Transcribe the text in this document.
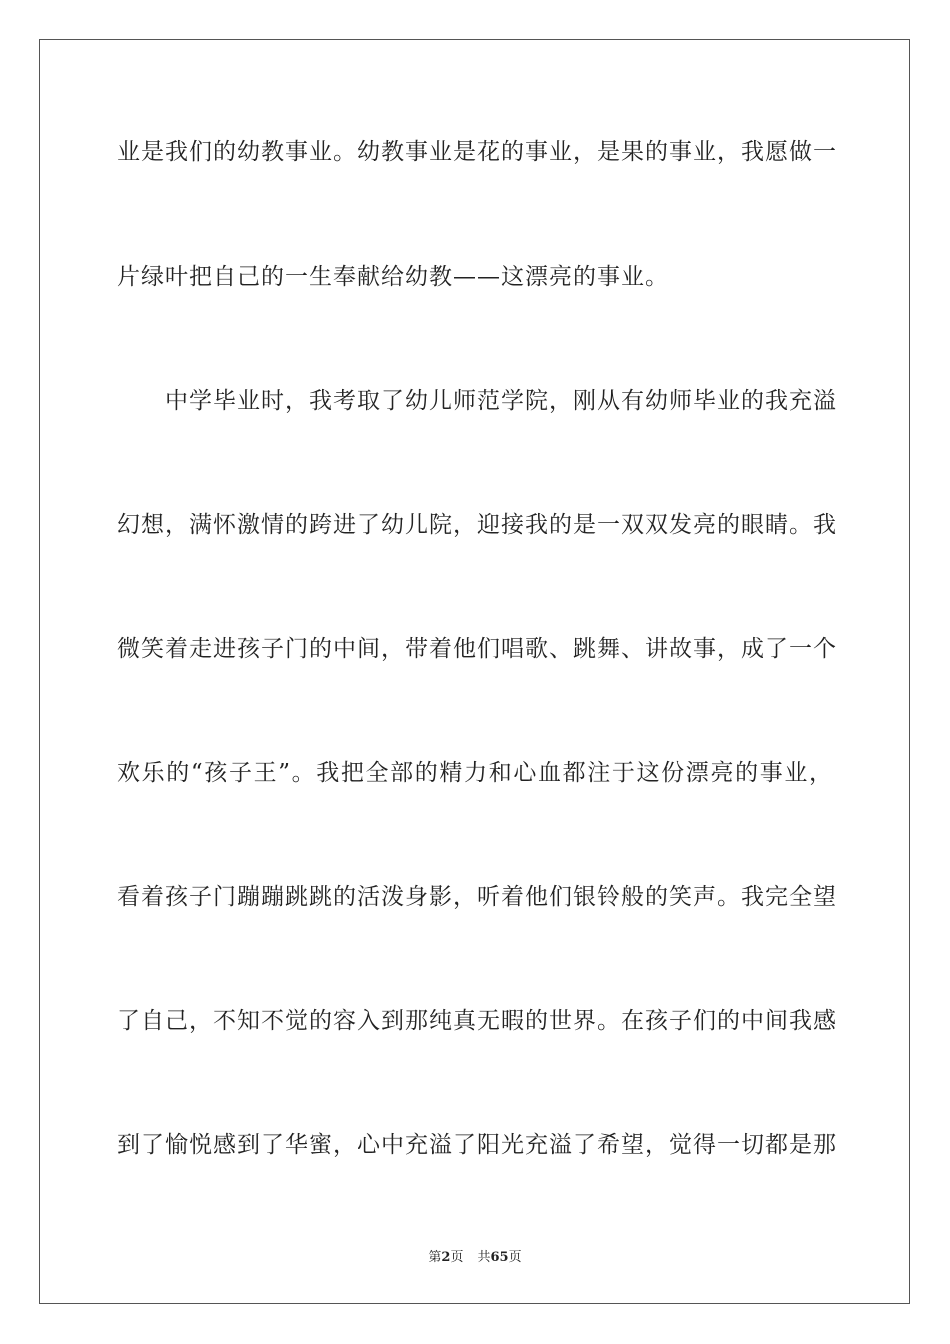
业是我们的幼教事业。幼教事业是花的事业，是果的事业，我愿做一
片绿叶把自己的一生奉献给幼教——这漂亮的事业。
中学毕业时，我考取了幼儿师范学院，刚从有幼师毕业的我充溢
幻想，满怀激情的跨进了幼儿院，迎接我的是一双双发亮的眼睛。我
微笑着走进孩子门的中间，带着他们唱歌、跳舞、讲故事，成了一个
欢乐的“孩子王”。我把全部的精力和心血都注于这份漂亮的事业，
看着孩子门蹦蹦跳跳的活泼身影，听着他们银铃般的笑声。我完全望
了自己，不知不觉的容入到那纯真无暇的世界。在孩子们的中间我感
到了愉悦感到了华蜜，心中充溢了阳光充溢了希望，觉得一切都是那
第2页 共65页
